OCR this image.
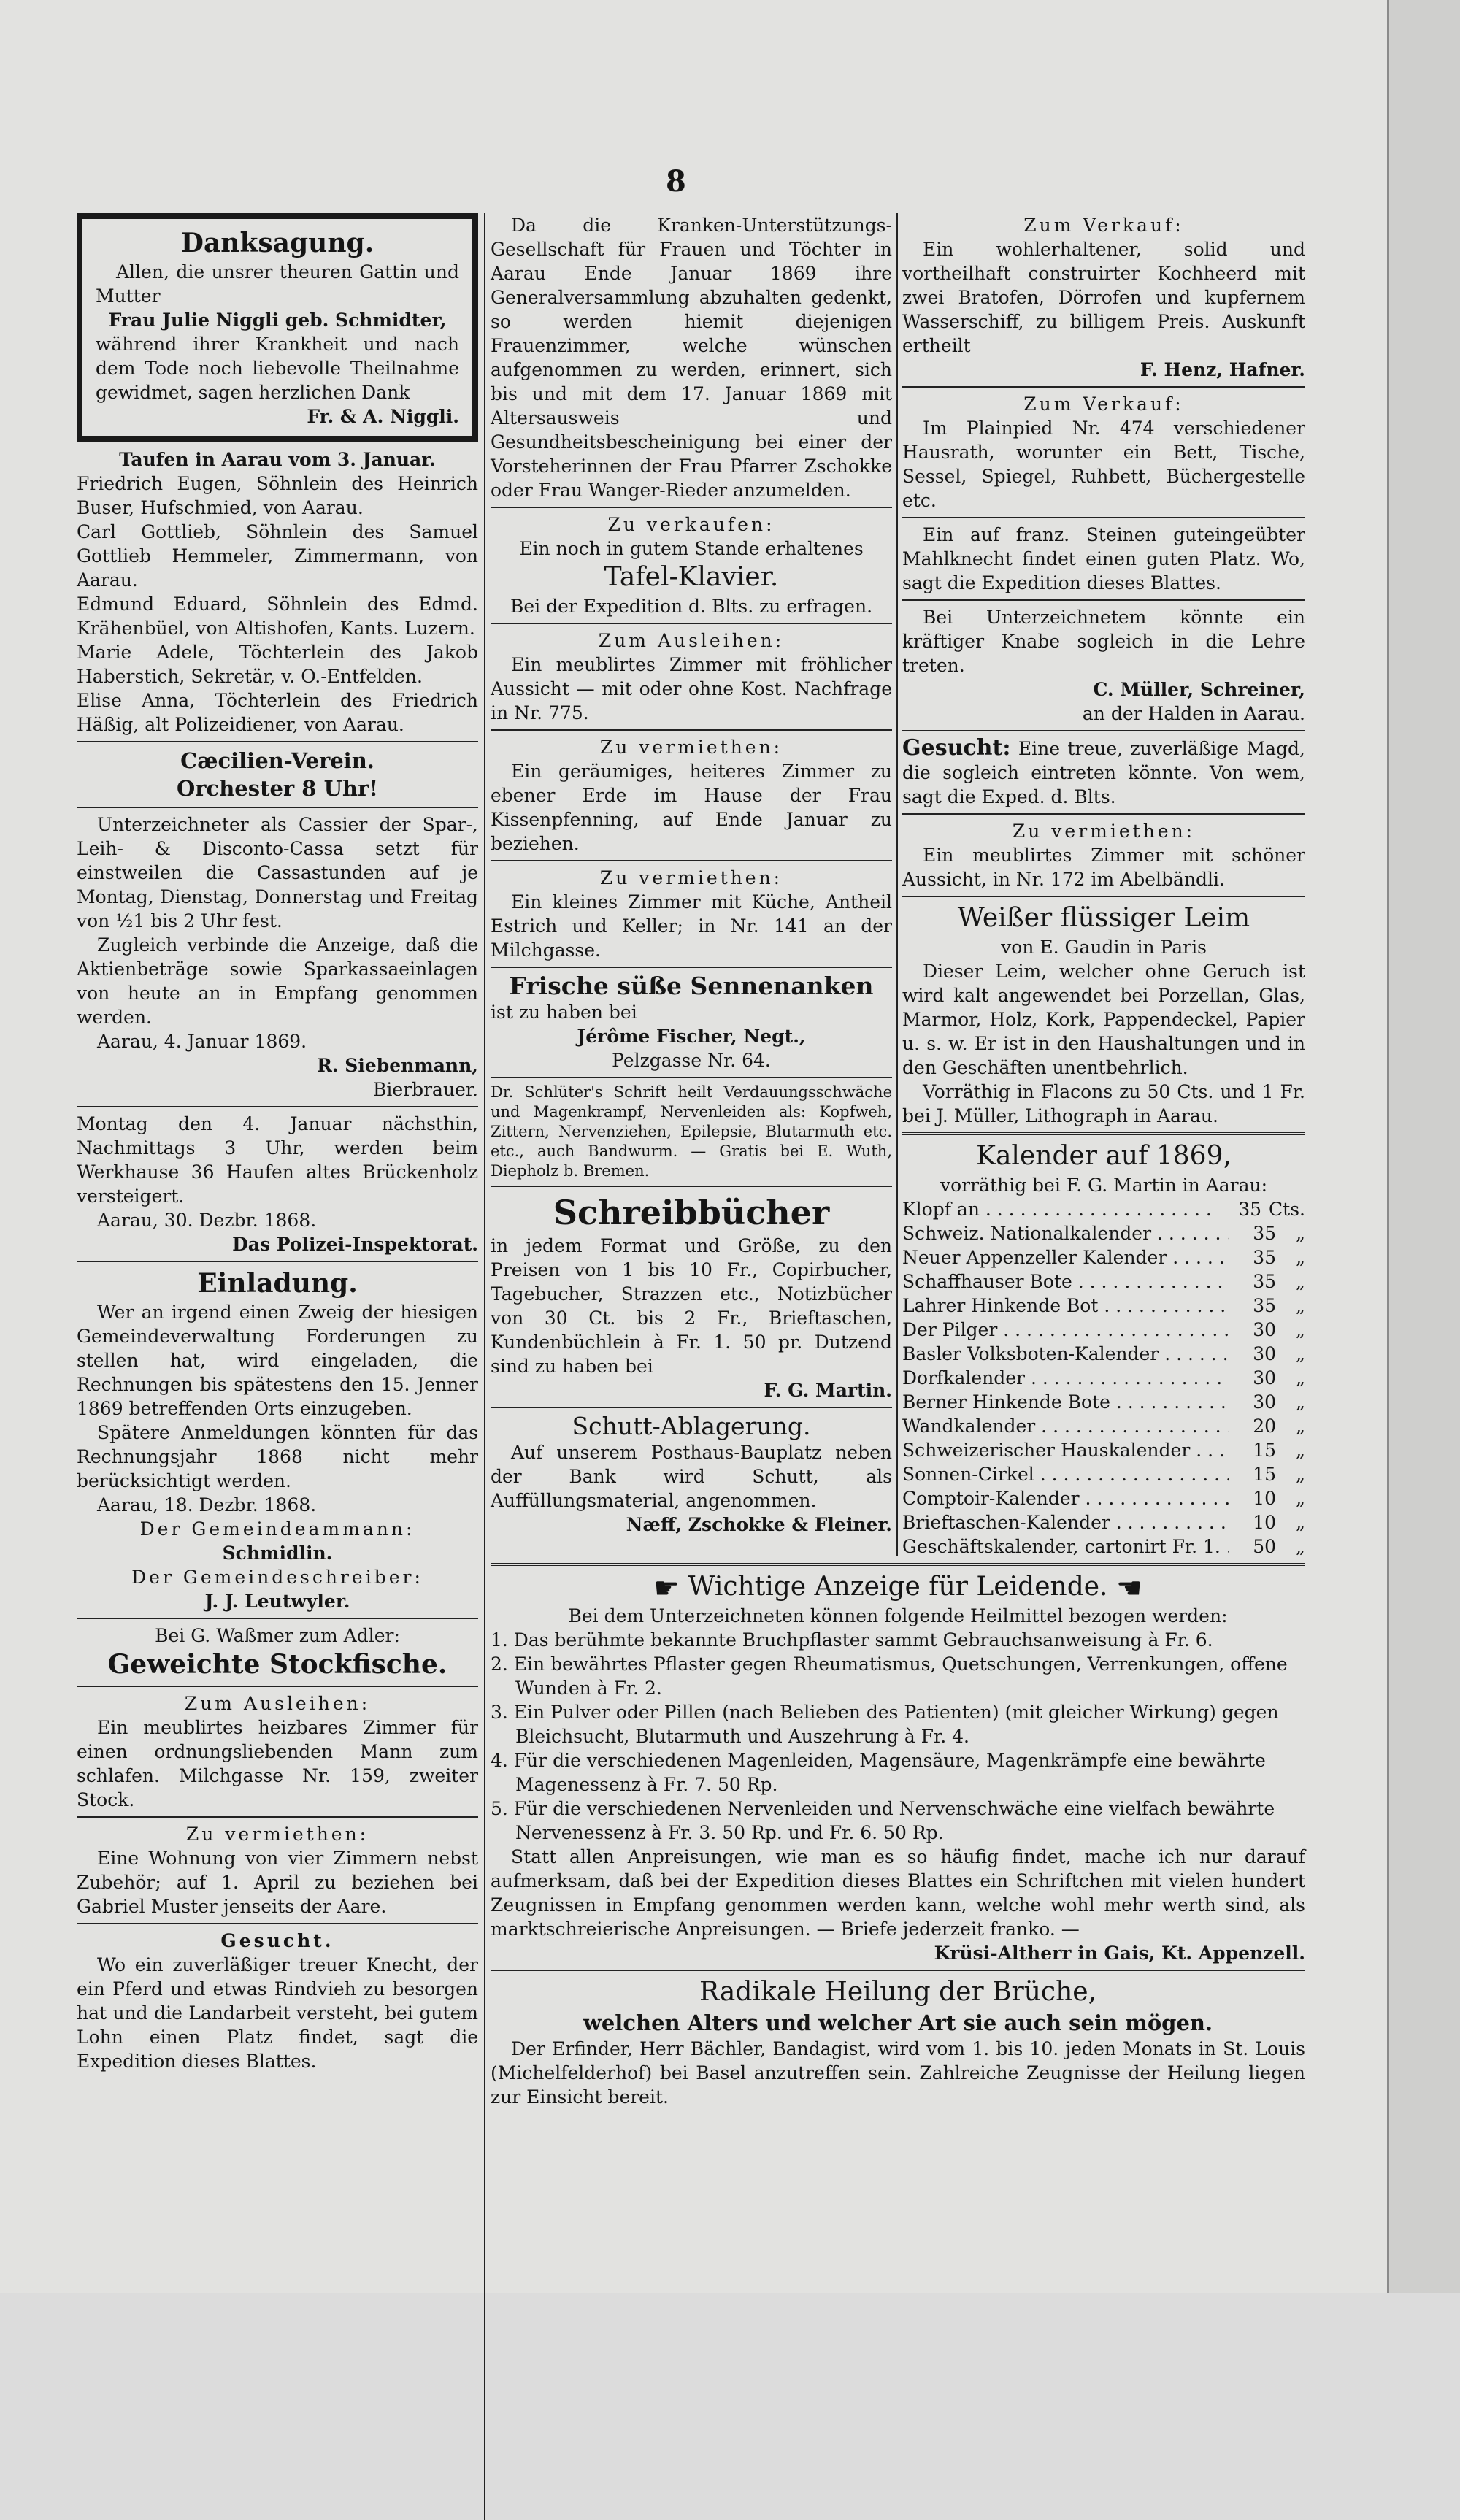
8

Danksagung.

Allen, die unsrer theuren Gattin und Mutter

Frau Julie Niggli geb. Schmidter,

während ihrer Krankheit und nach dem Tode noch liebevolle Theilnahme gewidmet, sagen herzlichen Dank

Fr. & A. Niggli.

Taufen in Aarau vom 3. Januar.

Friedrich Eugen, Söhnlein des Heinrich Buser, Hufschmied, von Aarau.

Carl Gottlieb, Söhnlein des Samuel Gottlieb Hemmeler, Zimmermann, von Aarau.

Edmund Eduard, Söhnlein des Edmd. Krähenbüel, von Altishofen, Kants. Luzern.

Marie Adele, Töchterlein des Jakob Haberstich, Sekretär, v. O.-Entfelden.

Elise Anna, Töchterlein des Friedrich Häßig, alt Polizeidiener, von Aarau.

Cæcilien-Verein.

Orchester 8 Uhr!

Unterzeichneter als Cassier der Spar-, Leih- & Disconto-Cassa setzt für einstweilen die Cassastunden auf je Montag, Dienstag, Donnerstag und Freitag von ½1 bis 2 Uhr fest.

Zugleich verbinde die Anzeige, daß die Aktienbeträge sowie Sparkassaeinlagen von heute an in Empfang genommen werden.

Aarau, 4. Januar 1869.

R. Siebenmann,

Bierbrauer.

Montag den 4. Januar nächsthin, Nachmittags 3 Uhr, werden beim Werkhause 36 Haufen altes Brückenholz versteigert.

Aarau, 30. Dezbr. 1868.

Das Polizei-Inspektorat.

Einladung.

Wer an irgend einen Zweig der hiesigen Gemeindeverwaltung Forderungen zu stellen hat, wird eingeladen, die Rechnungen bis spätestens den 15. Jenner 1869 betreffenden Orts einzugeben.

Spätere Anmeldungen könnten für das Rechnungsjahr 1868 nicht mehr berücksichtigt werden.

Aarau, 18. Dezbr. 1868.

Der Gemeindeammann:

Schmidlin.

Der Gemeindeschreiber:

J. J. Leutwyler.

Bei G. Waßmer zum Adler:

Geweichte Stockfische.

Zum Ausleihen:

Ein meublirtes heizbares Zimmer für einen ordnungsliebenden Mann zum schlafen. Milchgasse Nr. 159, zweiter Stock.

Zu vermiethen:

Eine Wohnung von vier Zimmern nebst Zubehör; auf 1. April zu beziehen bei Gabriel Muster jenseits der Aare.

Gesucht.

Wo ein zuverläßiger treuer Knecht, der ein Pferd und etwas Rindvieh zu besorgen hat und die Landarbeit versteht, bei gutem Lohn einen Platz findet, sagt die Expedition dieses Blattes.

Da die Kranken-Unterstützungs-Gesellschaft für Frauen und Töchter in Aarau Ende Januar 1869 ihre Generalversammlung abzuhalten gedenkt, so werden hiemit diejenigen Frauenzimmer, welche wünschen aufgenommen zu werden, erinnert, sich bis und mit dem 17. Januar 1869 mit Altersausweis und Gesundheitsbescheinigung bei einer der Vorsteherinnen der Frau Pfarrer Zschokke oder Frau Wanger-Rieder anzumelden.

Zu verkaufen:

Ein noch in gutem Stande erhaltenes

Tafel-Klavier.

Bei der Expedition d. Blts. zu erfragen.

Zum Ausleihen:

Ein meublirtes Zimmer mit fröhlicher Aussicht — mit oder ohne Kost. Nachfrage in Nr. 775.

Zu vermiethen:

Ein geräumiges, heiteres Zimmer zu ebener Erde im Hause der Frau Kissenpfenning, auf Ende Januar zu beziehen.

Zu vermiethen:

Ein kleines Zimmer mit Küche, Antheil Estrich und Keller; in Nr. 141 an der Milchgasse.

Frische süße Sennenanken

ist zu haben bei

Jérôme Fischer, Negt.,

Pelzgasse Nr. 64.

Dr. Schlüter's Schrift heilt Verdauungsschwäche und Magenkrampf, Nervenleiden als: Kopfweh, Zittern, Nervenziehen, Epilepsie, Blutarmuth etc. etc., auch Bandwurm. — Gratis bei E. Wuth, Diepholz b. Bremen.

Schreibbücher

in jedem Format und Größe, zu den Preisen von 1 bis 10 Fr., Copirbucher, Tagebucher, Strazzen etc., Notizbücher von 30 Ct. bis 2 Fr., Brieftaschen, Kundenbüchlein à Fr. 1. 50 pr. Dutzend sind zu haben bei

F. G. Martin.

Schutt-Ablagerung.

Auf unserem Posthaus-Bauplatz neben der Bank wird Schutt, als Auffüllungsmaterial, angenommen.

Næff, Zschokke & Fleiner.

Zum Verkauf:

Ein wohlerhaltener, solid und vortheilhaft construirter Kochheerd mit zwei Bratofen, Dörrofen und kupfernem Wasserschiff, zu billigem Preis. Auskunft ertheilt

F. Henz, Hafner.

Zum Verkauf:

Im Plainpied Nr. 474 verschiedener Hausrath, worunter ein Bett, Tische, Sessel, Spiegel, Ruhbett, Büchergestelle etc.

Ein auf franz. Steinen guteingeübter Mahlknecht findet einen guten Platz. Wo, sagt die Expedition dieses Blattes.

Bei Unterzeichnetem könnte ein kräftiger Knabe sogleich in die Lehre treten.

C. Müller, Schreiner,

an der Halden in Aarau.

Gesucht: Eine treue, zuverläßige Magd, die sogleich eintreten könnte. Von wem, sagt die Exped. d. Blts.

Zu vermiethen:

Ein meublirtes Zimmer mit schöner Aussicht, in Nr. 172 im Abelbändli.

Weißer flüssiger Leim

von E. Gaudin in Paris

Dieser Leim, welcher ohne Geruch ist wird kalt angewendet bei Porzellan, Glas, Marmor, Holz, Kork, Pappendeckel, Papier u. s. w. Er ist in den Haushaltungen und in den Geschäften unentbehrlich.

Vorräthig in Flacons zu 50 Cts. und 1 Fr. bei J. Müller, Lithograph in Aarau.

Kalender auf 1869,

vorräthig bei F. G. Martin in Aarau:

Klopf an . . .	35 Cts.
Schweiz. Nationalkalender . . .	35	„
Neuer Appenzeller Kalender . . .	35	„
Schaffhauser Bote . . .	35	„
Lahrer Hinkende Bot . . .	35	„
Der Pilger . . .	30	„
Basler Volksboten-Kalender . . .	30	„
Dorfkalender . . .	30	„
Berner Hinkende Bote . . .	30	„
Wandkalender . . .	20	„
Schweizerischer Hauskalender . . .	15	„
Sonnen-Cirkel . . .	15	„
Comptoir-Kalender . . .	10	„
Brieftaschen-Kalender . . .	10	„
Geschäftskalender, cartonirt Fr. 1. . . .	50	„

☛ Wichtige Anzeige für Leidende. ☚

Bei dem Unterzeichneten können folgende Heilmittel bezogen werden:

1. Das berühmte bekannte Bruchpflaster sammt Gebrauchsanweisung à Fr. 6.

2. Ein bewährtes Pflaster gegen Rheumatismus, Quetschungen, Verrenkungen, offene Wunden à Fr. 2.

3. Ein Pulver oder Pillen (nach Belieben des Patienten) (mit gleicher Wirkung) gegen Bleichsucht, Blutarmuth und Auszehrung à Fr. 4.

4. Für die verschiedenen Magenleiden, Magensäure, Magenkrämpfe eine bewährte Magenessenz à Fr. 7. 50 Rp.

5. Für die verschiedenen Nervenleiden und Nervenschwäche eine vielfach bewährte Nervenessenz à Fr. 3. 50 Rp. und Fr. 6. 50 Rp.

Statt allen Anpreisungen, wie man es so häufig findet, mache ich nur darauf aufmerksam, daß bei der Expedition dieses Blattes ein Schriftchen mit vielen hundert Zeugnissen in Empfang genommen werden kann, welche wohl mehr werth sind, als marktschreierische Anpreisungen. — Briefe jederzeit franko. —

Krüsi-Altherr in Gais, Kt. Appenzell.

Radikale Heilung der Brüche,

welchen Alters und welcher Art sie auch sein mögen.

Der Erfinder, Herr Bächler, Bandagist, wird vom 1. bis 10. jeden Monats in St. Louis (Michelfelderhof) bei Basel anzutreffen sein. Zahlreiche Zeugnisse der Heilung liegen zur Einsicht bereit.
